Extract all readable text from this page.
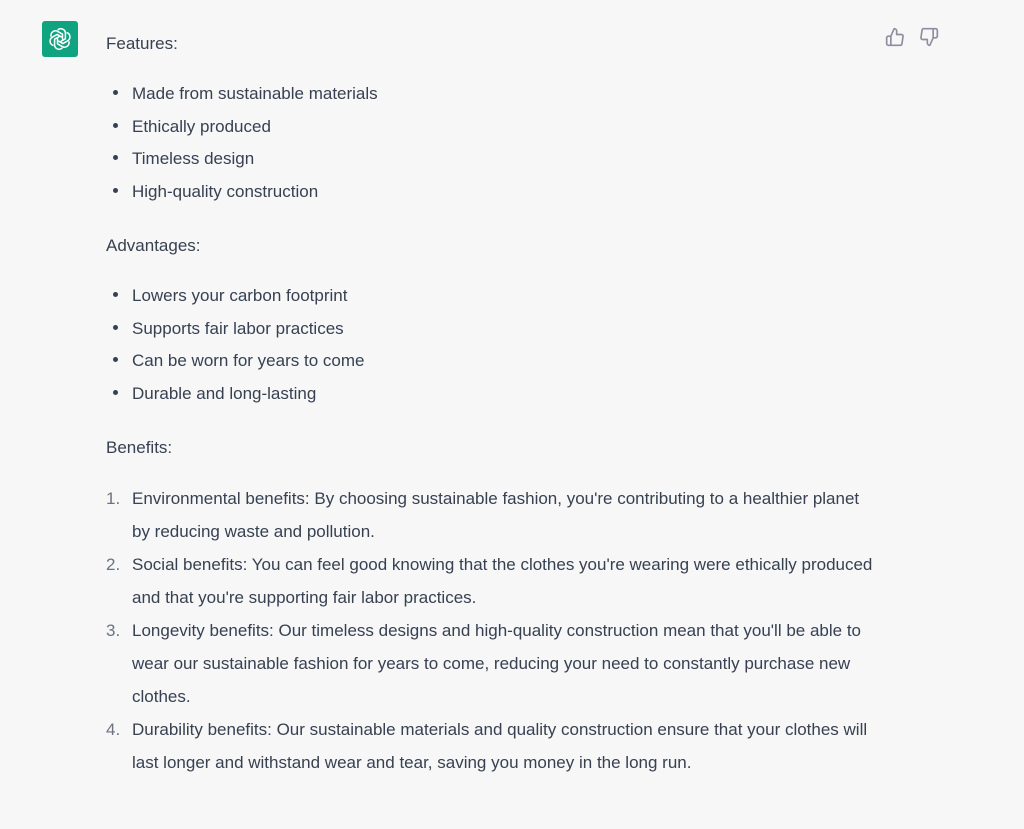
Features:

Made from sustainable materials
Ethically produced
Timeless design
High-quality construction

Advantages:

Lowers your carbon footprint
Supports fair labor practices
Can be worn for years to come
Durable and long-lasting

Benefits:

1. Environmental benefits: By choosing sustainable fashion, you're contributing to a healthier planet by reducing waste and pollution.
2. Social benefits: You can feel good knowing that the clothes you're wearing were ethically produced and that you're supporting fair labor practices.
3. Longevity benefits: Our timeless designs and high-quality construction mean that you'll be able to wear our sustainable fashion for years to come, reducing your need to constantly purchase new clothes.
4. Durability benefits: Our sustainable materials and quality construction ensure that your clothes will last longer and withstand wear and tear, saving you money in the long run.
